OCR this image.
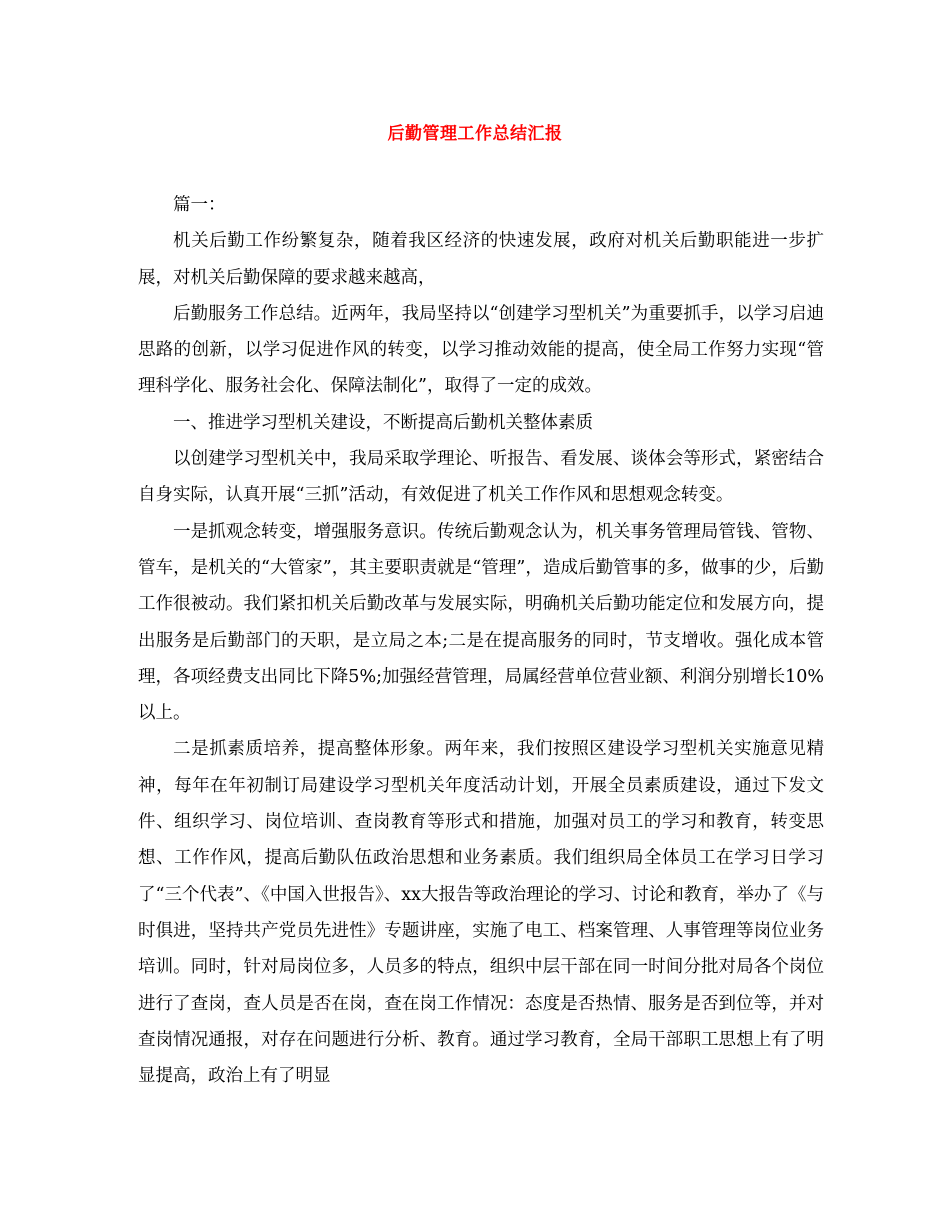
后勤管理工作总结汇报

篇一：

机关后勤工作纷繁复杂，随着我区经济的快速发展，政府对机关后勤职能进一步扩展，对机关后勤保障的要求越来越高，

后勤服务工作总结。近两年，我局坚持以“创建学习型机关”为重要抓手，以学习启迪思路的创新，以学习促进作风的转变，以学习推动效能的提高，使全局工作努力实现“管理科学化、服务社会化、保障法制化”，取得了一定的成效。

一、推进学习型机关建设，不断提高后勤机关整体素质

以创建学习型机关中，我局采取学理论、听报告、看发展、谈体会等形式，紧密结合自身实际，认真开展“三抓”活动，有效促进了机关工作作风和思想观念转变。

一是抓观念转变，增强服务意识。传统后勤观念认为，机关事务管理局管钱、管物、管车，是机关的“大管家”，其主要职责就是“管理”，造成后勤管事的多，做事的少，后勤工作很被动。我们紧扣机关后勤改革与发展实际，明确机关后勤功能定位和发展方向，提出服务是后勤部门的天职，是立局之本;二是在提高服务的同时，节支增收。强化成本管理，各项经费支出同比下降5%;加强经营管理，局属经营单位营业额、利润分别增长10%以上。

二是抓素质培养，提高整体形象。两年来，我们按照区建设学习型机关实施意见精神，每年在年初制订局建设学习型机关年度活动计划，开展全员素质建设，通过下发文件、组织学习、岗位培训、查岗教育等形式和措施，加强对员工的学习和教育，转变思想、工作作风，提高后勤队伍政治思想和业务素质。我们组织局全体员工在学习日学习了“三个代表”、《中国入世报告》、xx大报告等政治理论的学习、讨论和教育，举办了《与时俱进，坚持共产党员先进性》专题讲座，实施了电工、档案管理、人事管理等岗位业务培训。同时，针对局岗位多，人员多的特点，组织中层干部在同一时间分批对局各个岗位进行了查岗，查人员是否在岗，查在岗工作情况：态度是否热情、服务是否到位等，并对查岗情况通报，对存在问题进行分析、教育。通过学习教育，全局干部职工思想上有了明显提高，政治上有了明显
